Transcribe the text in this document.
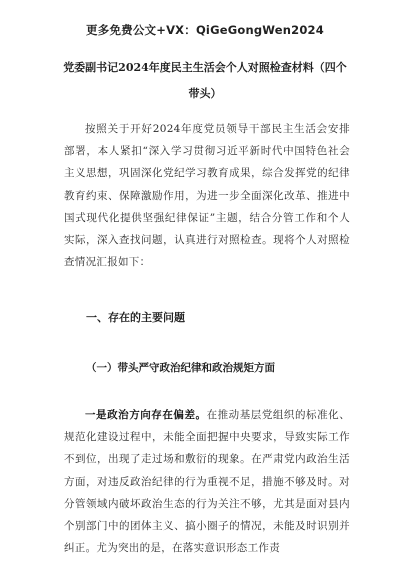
更多免费公文+VX：QiGeGongWen2024
党委副书记2024年度民主生活会个人对照检查材料（四个带头）
按照关于开好2024年度党员领导干部民主生活会安排部署，本人紧扣“深入学习贯彻习近平新时代中国特色社会主义思想，巩固深化党纪学习教育成果，综合发挥党的纪律教育约束、保障激励作用，为进一步全面深化改革、推进中国式现代化提供坚强纪律保证”主题，结合分管工作和个人实际，深入查找问题，认真进行对照检查。现将个人对照检查情况汇报如下：
一、存在的主要问题
（一）带头严守政治纪律和政治规矩方面
一是政治方向存在偏差。在推动基层党组织的标准化、规范化建设过程中，未能全面把握中央要求，导致实际工作不到位，出现了走过场和敷衍的现象。在严肃党内政治生活方面，对违反政治纪律的行为重视不足，措施不够及时。对分管领域内破坏政治生态的行为关注不够，尤其是面对县内个别部门中的团体主义、搞小圈子的情况，未能及时识别并纠正。尤为突出的是，在落实意识形态工作责
